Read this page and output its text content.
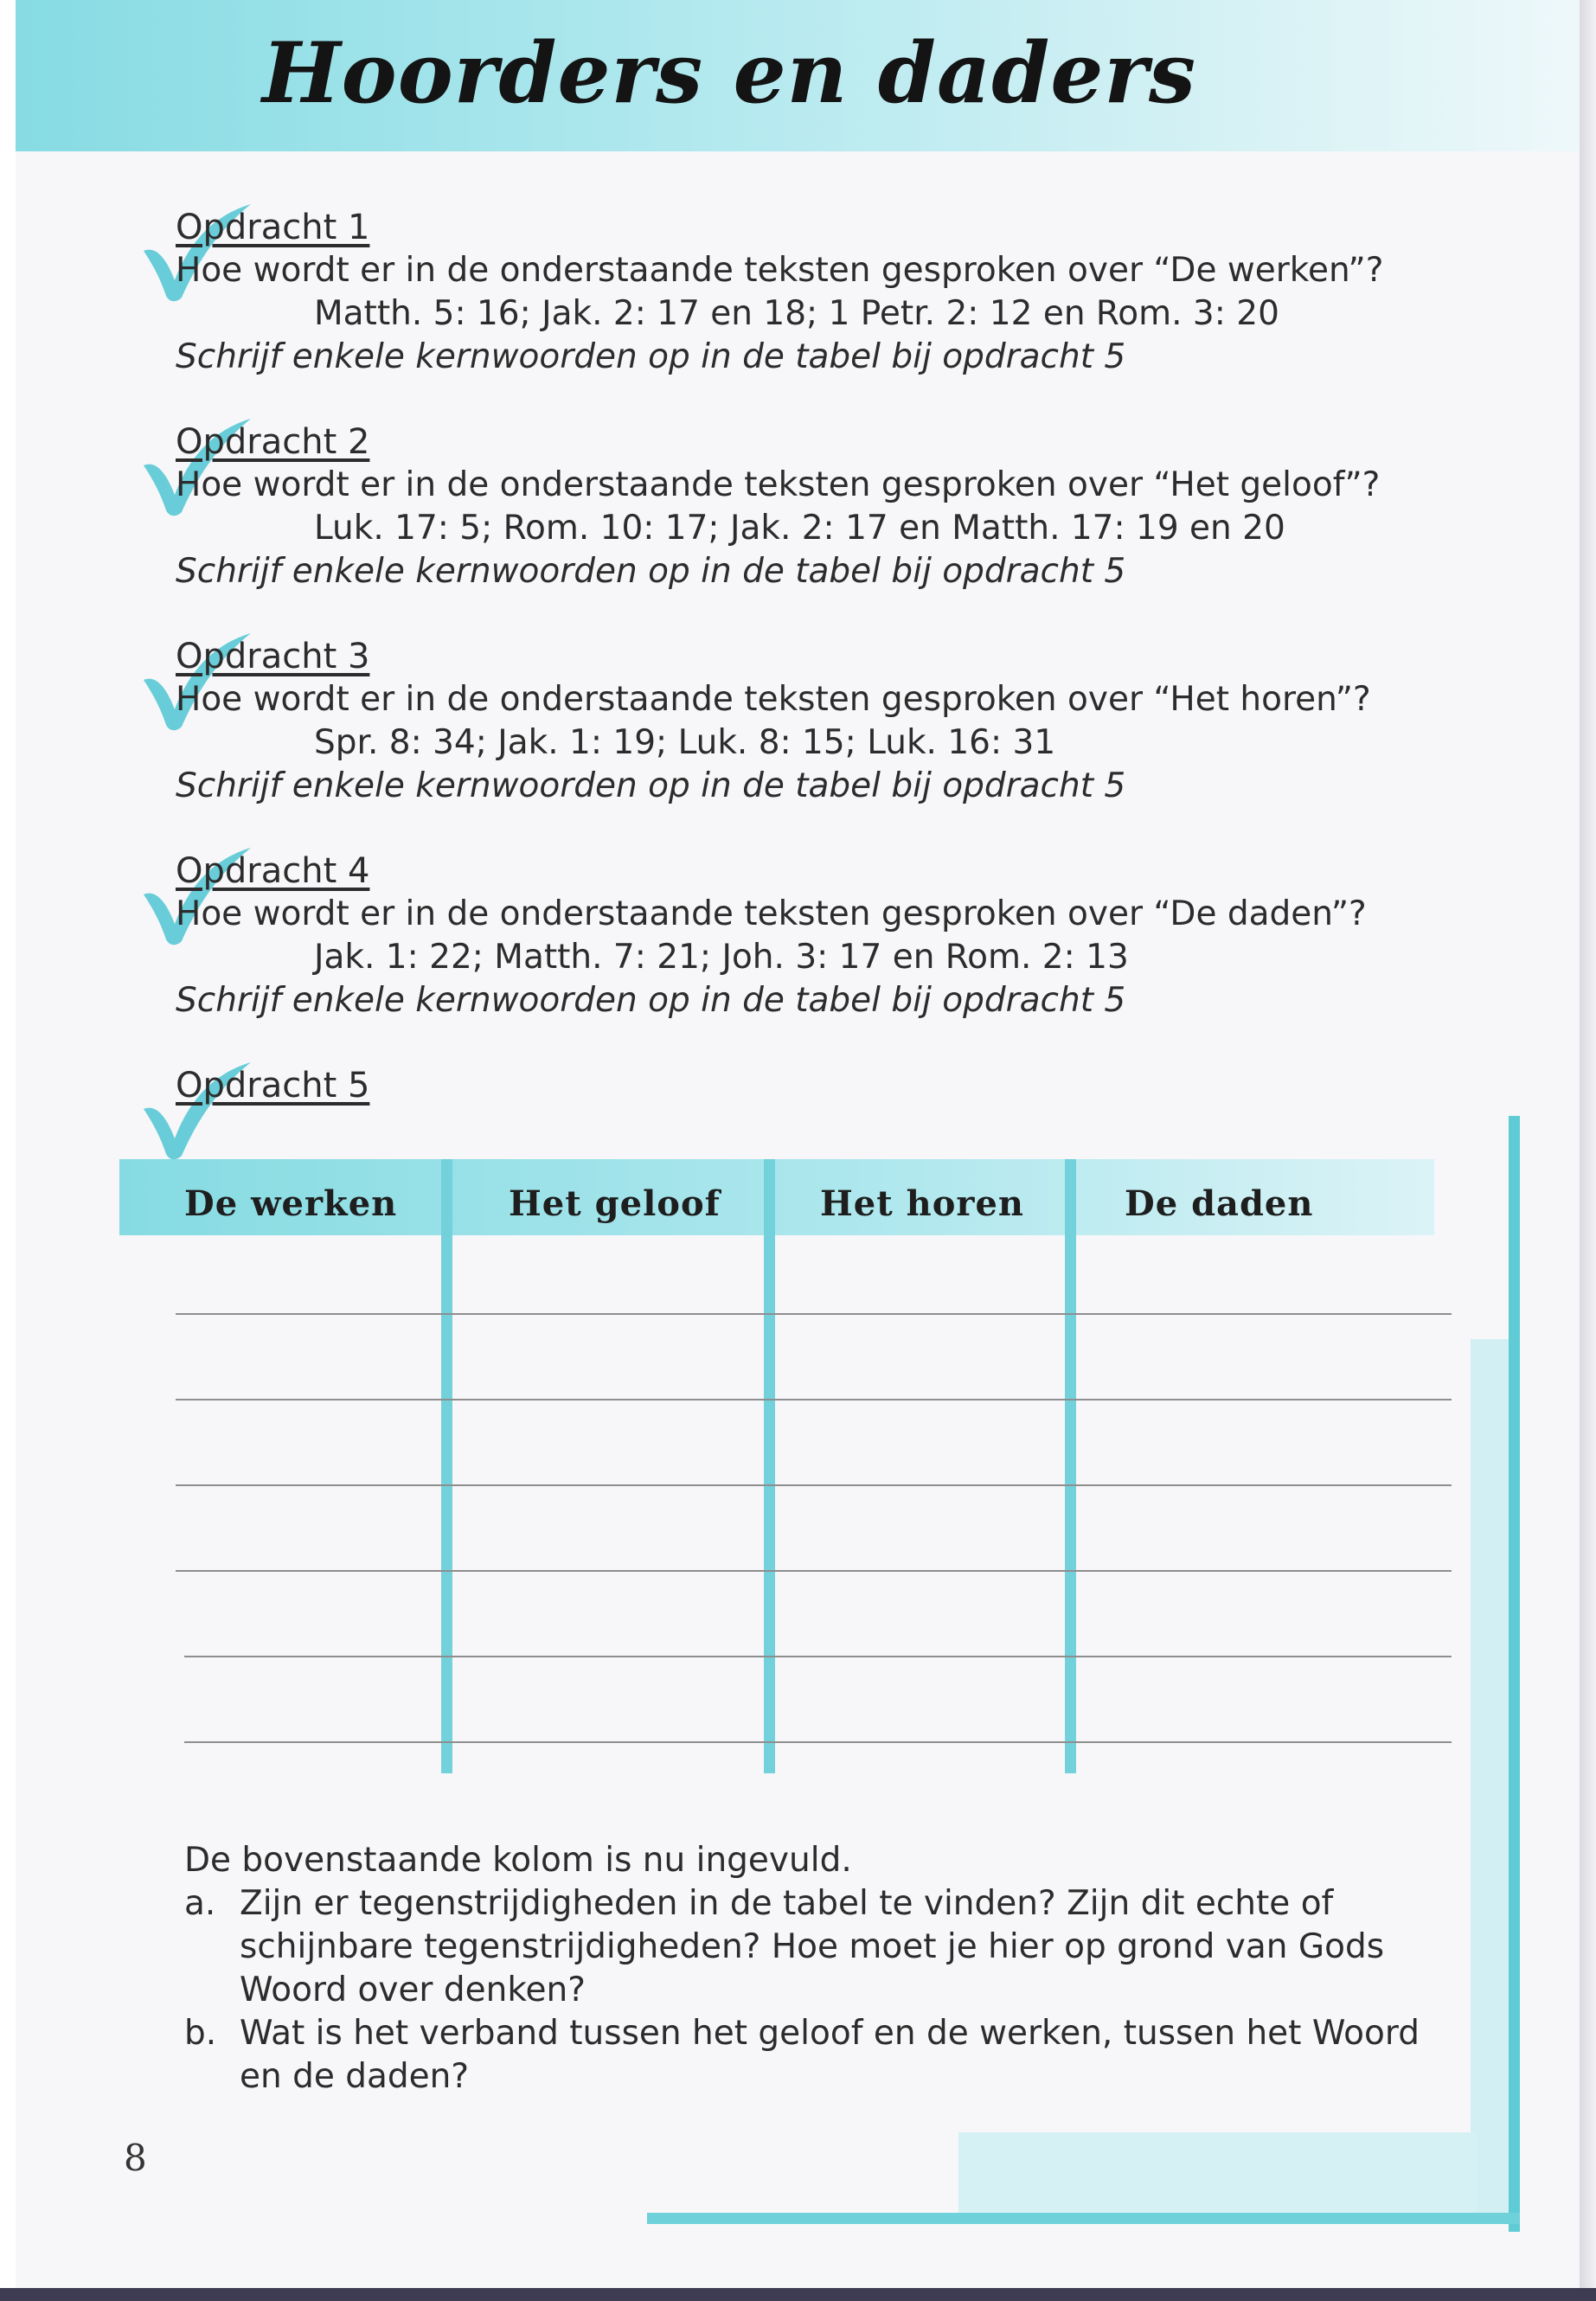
Hoorders en daders
Opdracht 1
Hoe wordt er in de onderstaande teksten gesproken over “De werken”?
Matth. 5: 16; Jak. 2: 17 en 18; 1 Petr. 2: 12 en Rom. 3: 20
Schrijf enkele kernwoorden op in de tabel bij opdracht 5
Opdracht 2
Hoe wordt er in de onderstaande teksten gesproken over “Het geloof”?
Luk. 17: 5; Rom. 10: 17; Jak. 2: 17 en Matth. 17: 19 en 20
Schrijf enkele kernwoorden op in de tabel bij opdracht 5
Opdracht 3
Hoe wordt er in de onderstaande teksten gesproken over “Het horen”?
Spr. 8: 34; Jak. 1: 19; Luk. 8: 15; Luk. 16: 31
Schrijf enkele kernwoorden op in de tabel bij opdracht 5
Opdracht 4
Hoe wordt er in de onderstaande teksten gesproken over “De daden”?
Jak. 1: 22; Matth. 7: 21; Joh. 3: 17 en Rom. 2: 13
Schrijf enkele kernwoorden op in de tabel bij opdracht 5
Opdracht 5
De werken	Het geloof	Het horen	De daden
De bovenstaande kolom is nu ingevuld.
a. Zijn er tegenstrijdigheden in de tabel te vinden? Zijn dit echte of schijnbare tegenstrijdigheden? Hoe moet je hier op grond van Gods Woord over denken?
b. Wat is het verband tussen het geloof en de werken, tussen het Woord en de daden?
8
